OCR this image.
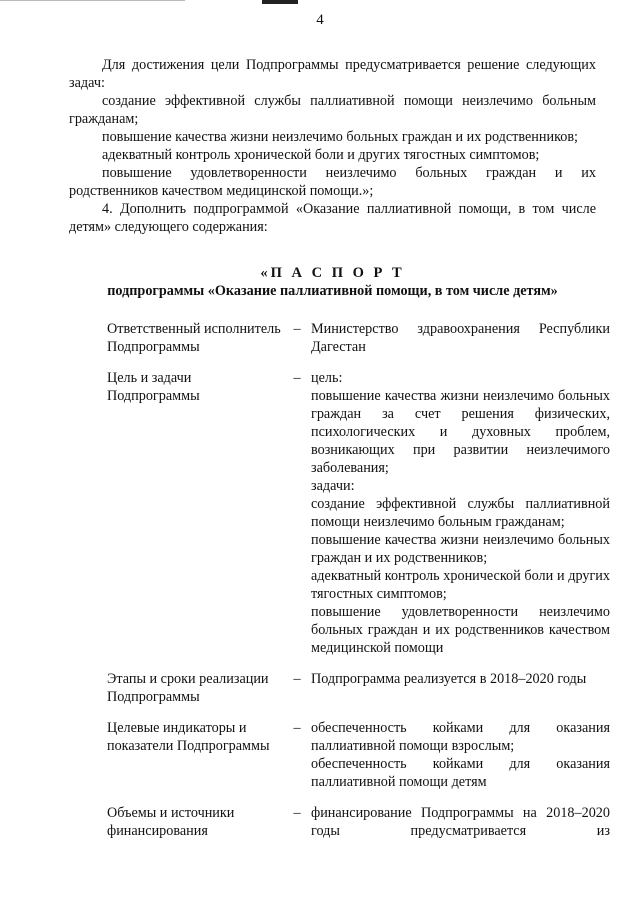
4

Для достижения цели Подпрограммы предусматривается решение следующих задач:

создание эффективной службы паллиативной помощи неизлечимо больным гражданам;

повышение качества жизни неизлечимо больных граждан и их родственников;

адекватный контроль хронической боли и других тягостных симптомов;

повышение удовлетворенности неизлечимо больных граждан и их родственников качеством медицинской помощи.»;

4. Дополнить подпрограммой «Оказание паллиативной помощи, в том числе детям» следующего содержания:

«П А С П О Р Т
подпрограммы «Оказание паллиативной помощи, в том числе детям»
Ответственный исполнитель Подпрограммы
– Министерство здравоохранения Республики Дагестан
Цель и задачи Подпрограммы
– цель:
повышение качества жизни неизлечимо больных граждан за счет решения физических, психологических и духовных проблем, возникающих при развитии неизлечимого заболевания;
задачи:
создание эффективной службы паллиативной помощи неизлечимо больным гражданам;
повышение качества жизни неизлечимо больных граждан и их родственников;
адекватный контроль хронической боли и других тягостных симптомов;
повышение удовлетворенности неизлечимо больных граждан и их родственников качеством медицинской помощи
Этапы и сроки реализации Подпрограммы
– Подпрограмма реализуется в 2018–2020 годы
Целевые индикаторы и показатели Подпрограммы
– обеспеченность койками для оказания паллиативной помощи взрослым;
обеспеченность койками для оказания паллиативной помощи детям
Объемы и источники финансирования
– финансирование Подпрограммы на 2018–2020 годы предусматривается из
